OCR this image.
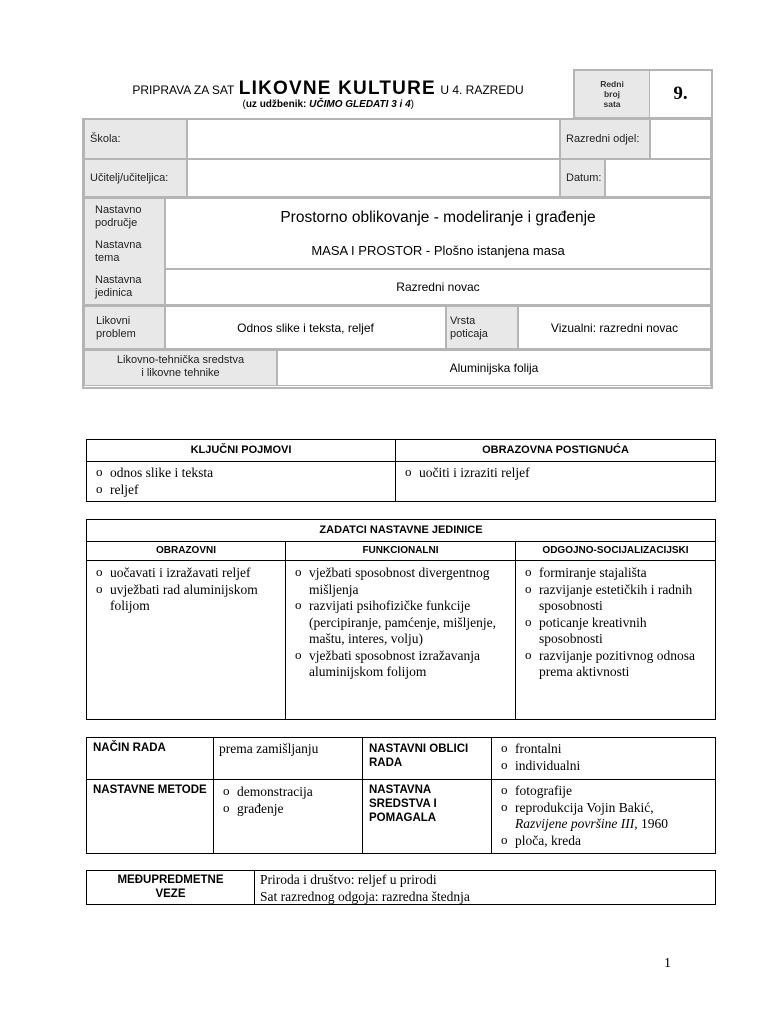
PRIPRAVA ZA SAT LIKOVNE KULTURE U 4. RAZREDU
(uz udžbenik: UČIMO GLEDATI 3 i 4)
Redni
broj
sata	9.
Škola:	Razredni odjel:
Učitelj/učiteljica:	Datum:
Nastavno
područje
Nastavna
tema
Nastavna
jedinica
Prostorno oblikovanje - modeliranje i građenje
MASA I PROSTOR - Plošno istanjena masa
Razredni novac
Likovni
problem	Odnos slike i teksta, reljef	Vrsta
poticaja	Vizualni: razredni novac
Likovno-tehnička sredstva
i likovne tehnike	Aluminijska folija
KLJUČNI POJMOVI	OBRAZOVNA POSTIGNUĆA
o odnos slike i teksta
o reljef
o uočiti i izraziti reljef
ZADATCI NASTAVNE JEDINICE
OBRAZOVNI	FUNKCIONALNI	ODGOJNO-SOCIJALIZACIJSKI
o uočavati i izražavati reljef
o uvježbati rad aluminijskom folijom
o vježbati sposobnost divergentnog mišljenja
o razvijati psihofizičke funkcije (percipiranje, pamćenje, mišljenje, maštu, interes, volju)
o vježbati sposobnost izražavanja aluminijskom folijom
o formiranje stajališta
o razvijanje estetičkih i radnih sposobnosti
o poticanje kreativnih sposobnosti
o razvijanje pozitivnog odnosa prema aktivnosti
NAČIN RADA	prema zamišljanju	NASTAVNI OBLICI RADA
o frontalni
o individualni
NASTAVNE METODE
o	demonstracija
o građenje
NASTAVNA SREDSTVA I POMAGALA
o fotografije
o reprodukcija Vojin Bakić,
Razvijene površine III, 1960
o ploča, kreda
MEĐUPREDMETNE VEZE
Priroda i društvo: reljef u prirodi
Sat razrednog odgoja: razredna štednja
1
